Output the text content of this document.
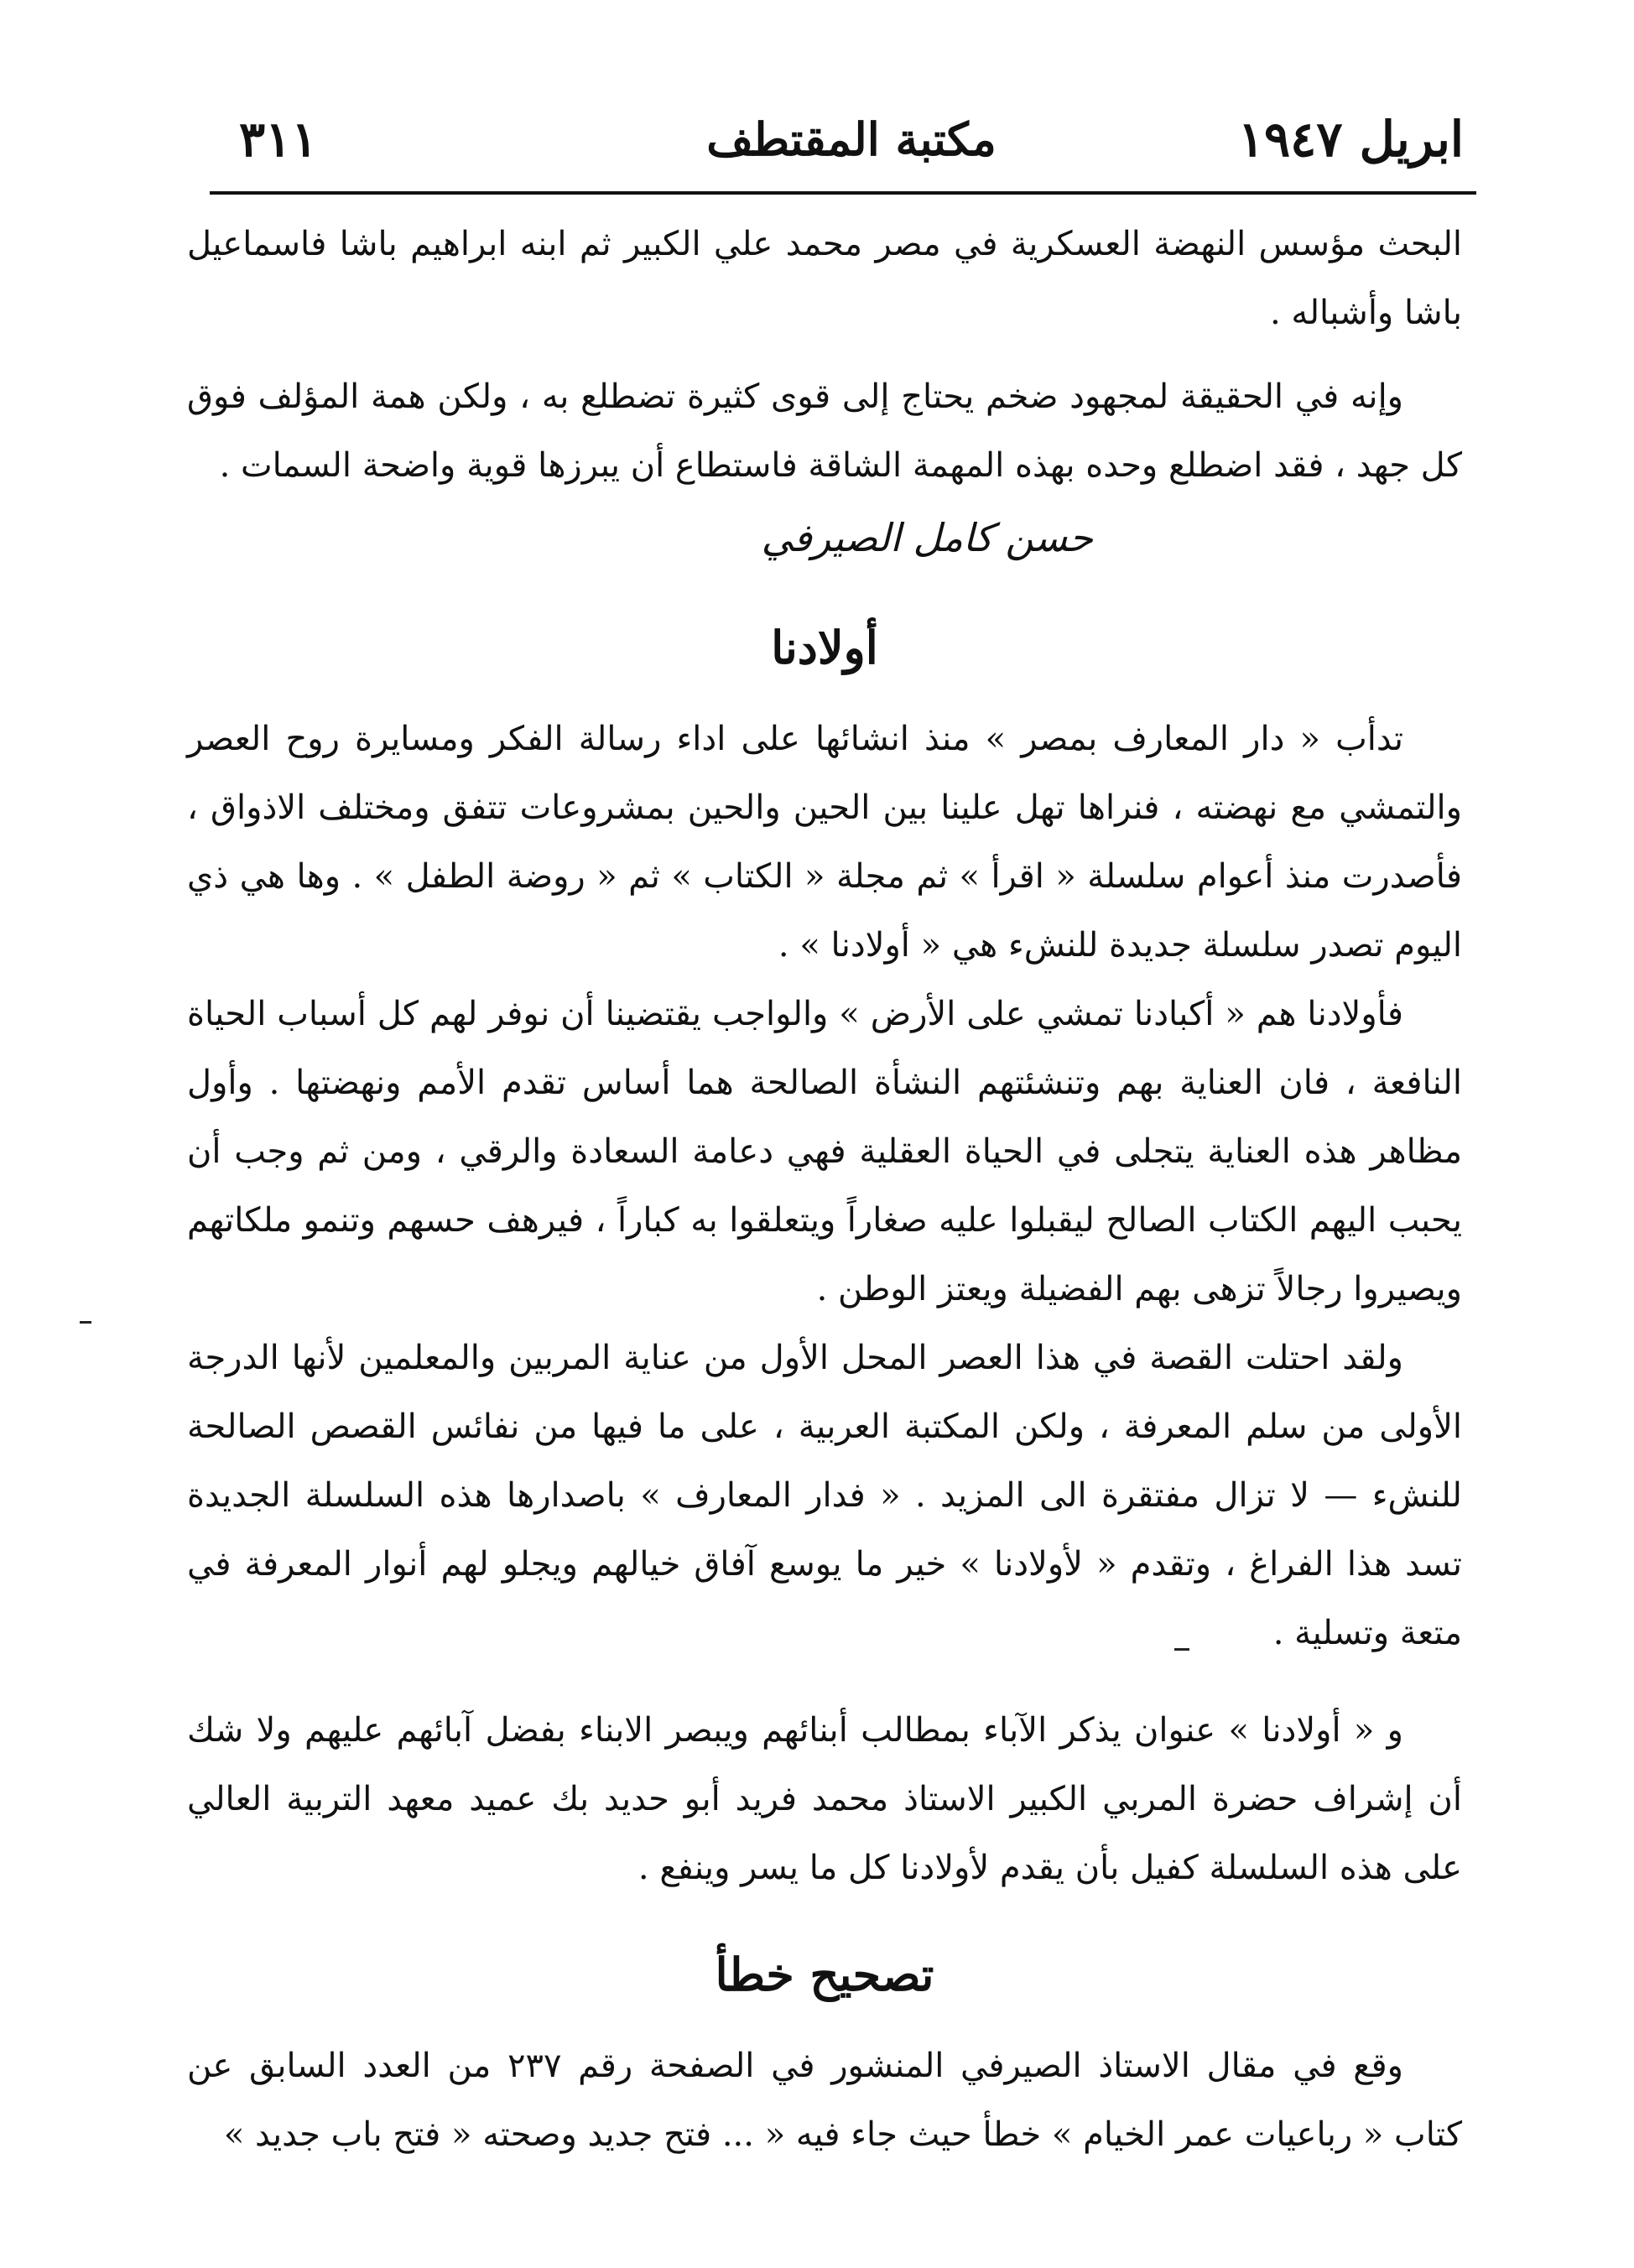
ابريل ١٩٤٧
مكتبة المقتطف
٣١١

البحث مؤسس النهضة العسكرية في مصر محمد علي الكبير ثم ابنه ابراهيم باشا فاسماعيل باشا وأشباله .

وإنه في الحقيقة لمجهود ضخم يحتاج إلى قوى كثيرة تضطلع به ، ولكن همة المؤلف فوق كل جهد ، فقد اضطلع وحده بهذه المهمة الشاقة فاستطاع أن يبرزها قوية واضحة السمات .

حسن كامل الصيرفي

أولادنا

تدأب « دار المعارف بمصر » منذ انشائها على اداء رسالة الفكر ومسايرة روح العصر والتمشي مع نهضته ، فنراها تهل علينا بين الحين والحين بمشروعات تتفق ومختلف الاذواق ، فأصدرت منذ أعوام سلسلة « اقرأ » ثم مجلة « الكتاب » ثم « روضة الطفل » . وها هي ذي اليوم تصدر سلسلة جديدة للنشء هي « أولادنا » .

فأولادنا هم « أكبادنا تمشي على الأرض » والواجب يقتضينا أن نوفر لهم كل أسباب الحياة النافعة ، فان العناية بهم وتنشئتهم النشأة الصالحة هما أساس تقدم الأمم ونهضتها . وأول مظاهر هذه العناية يتجلى في الحياة العقلية فهي دعامة السعادة والرقي ، ومن ثم وجب أن يحبب اليهم الكتاب الصالح ليقبلوا عليه صغاراً ويتعلقوا به كباراً ، فيرهف حسهم وتنمو ملكاتهم ويصيروا رجالاً تزهى بهم الفضيلة ويعتز الوطن .

ولقد احتلت القصة في هذا العصر المحل الأول من عناية المربين والمعلمين لأنها الدرجة الأولى من سلم المعرفة ، ولكن المكتبة العربية ، على ما فيها من نفائس القصص الصالحة للنشء — لا تزال مفتقرة الى المزيد . « فدار المعارف » باصدارها هذه السلسلة الجديدة تسد هذا الفراغ ، وتقدم « لأولادنا » خير ما يوسع آفاق خيالهم ويجلو لهم أنوار المعرفة في متعة وتسلية .

و « أولادنا » عنوان يذكر الآباء بمطالب أبنائهم ويبصر الابناء بفضل آبائهم عليهم ولا شك أن إشراف حضرة المربي الكبير الاستاذ محمد فريد أبو حديد بك عميد معهد التربية العالي على هذه السلسلة كفيل بأن يقدم لأولادنا كل ما يسر وينفع .

تصحيح خطأ

وقع في مقال الاستاذ الصيرفي المنشور في الصفحة رقم ٢٣٧ من العدد السابق عن كتاب « رباعيات عمر الخيام » خطأ حيث جاء فيه « ... فتح جديد وصحته « فتح باب جديد »
